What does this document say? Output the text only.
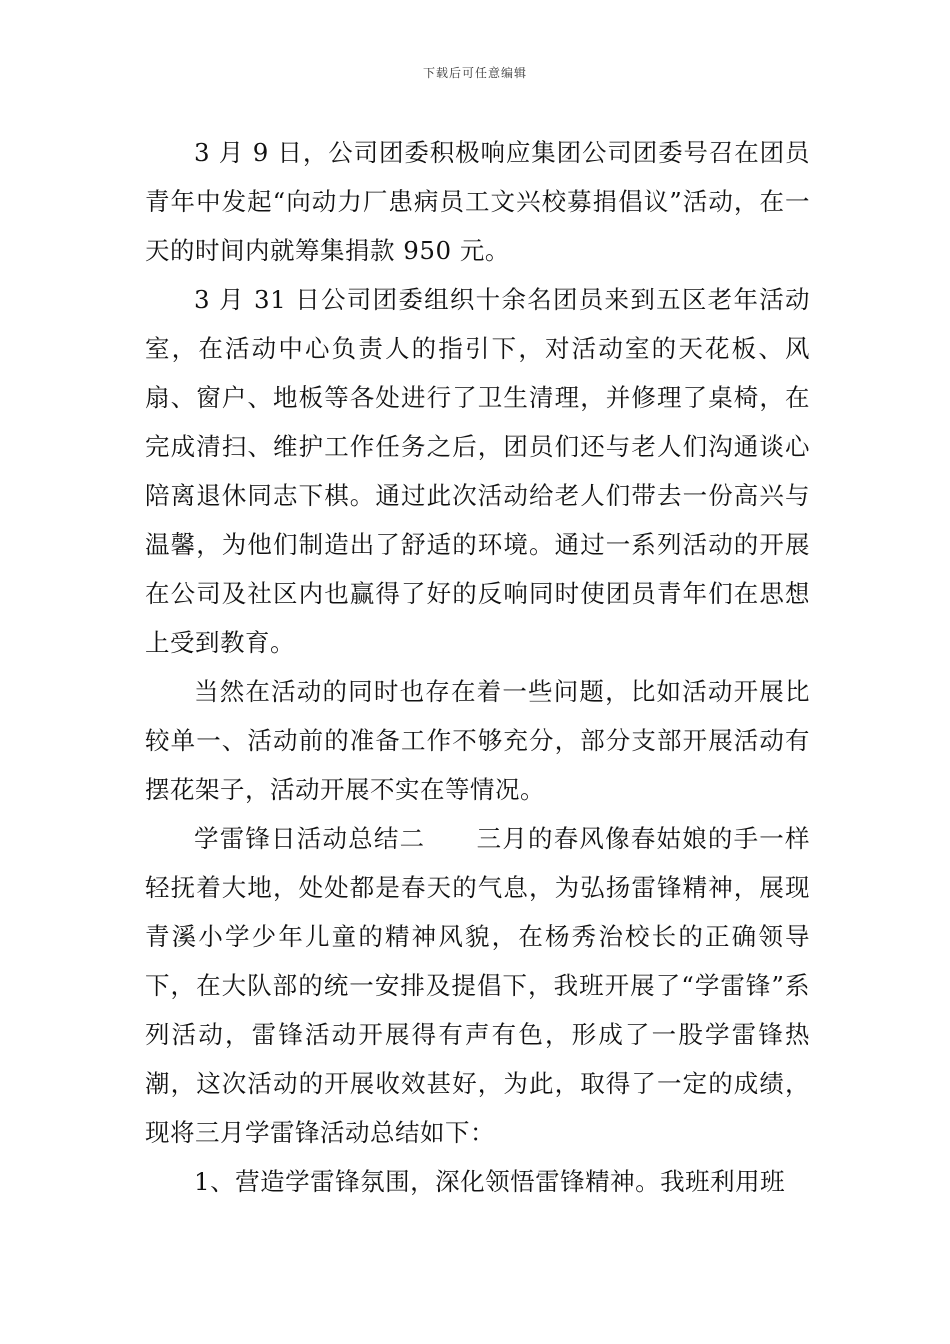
下载后可任意编辑

3 月 9 日，公司团委积极响应集团公司团委号召在团员青年中发起“向动力厂患病员工文兴校募捐倡议”活动，在一天的时间内就筹集捐款 950 元。

3 月 31 日公司团委组织十余名团员来到五区老年活动室，在活动中心负责人的指引下，对活动室的天花板、风扇、窗户、地板等各处进行了卫生清理，并修理了桌椅，在完成清扫、维护工作任务之后，团员们还与老人们沟通谈心陪离退休同志下棋。通过此次活动给老人们带去一份高兴与温馨，为他们制造出了舒适的环境。通过一系列活动的开展在公司及社区内也赢得了好的反响同时使团员青年们在思想上受到教育。

当然在活动的同时也存在着一些问题，比如活动开展比较单一、活动前的准备工作不够充分，部分支部开展活动有摆花架子，活动开展不实在等情况。

学雷锋日活动总结二　　三月的春风像春姑娘的手一样轻抚着大地，处处都是春天的气息，为弘扬雷锋精神，展现青溪小学少年儿童的精神风貌，在杨秀治校长的正确领导下，在大队部的统一安排及提倡下，我班开展了“学雷锋”系列活动，雷锋活动开展得有声有色，形成了一股学雷锋热潮，这次活动的开展收效甚好，为此，取得了一定的成绩，现将三月学雷锋活动总结如下：

1、营造学雷锋氛围，深化领悟雷锋精神。我班利用班
